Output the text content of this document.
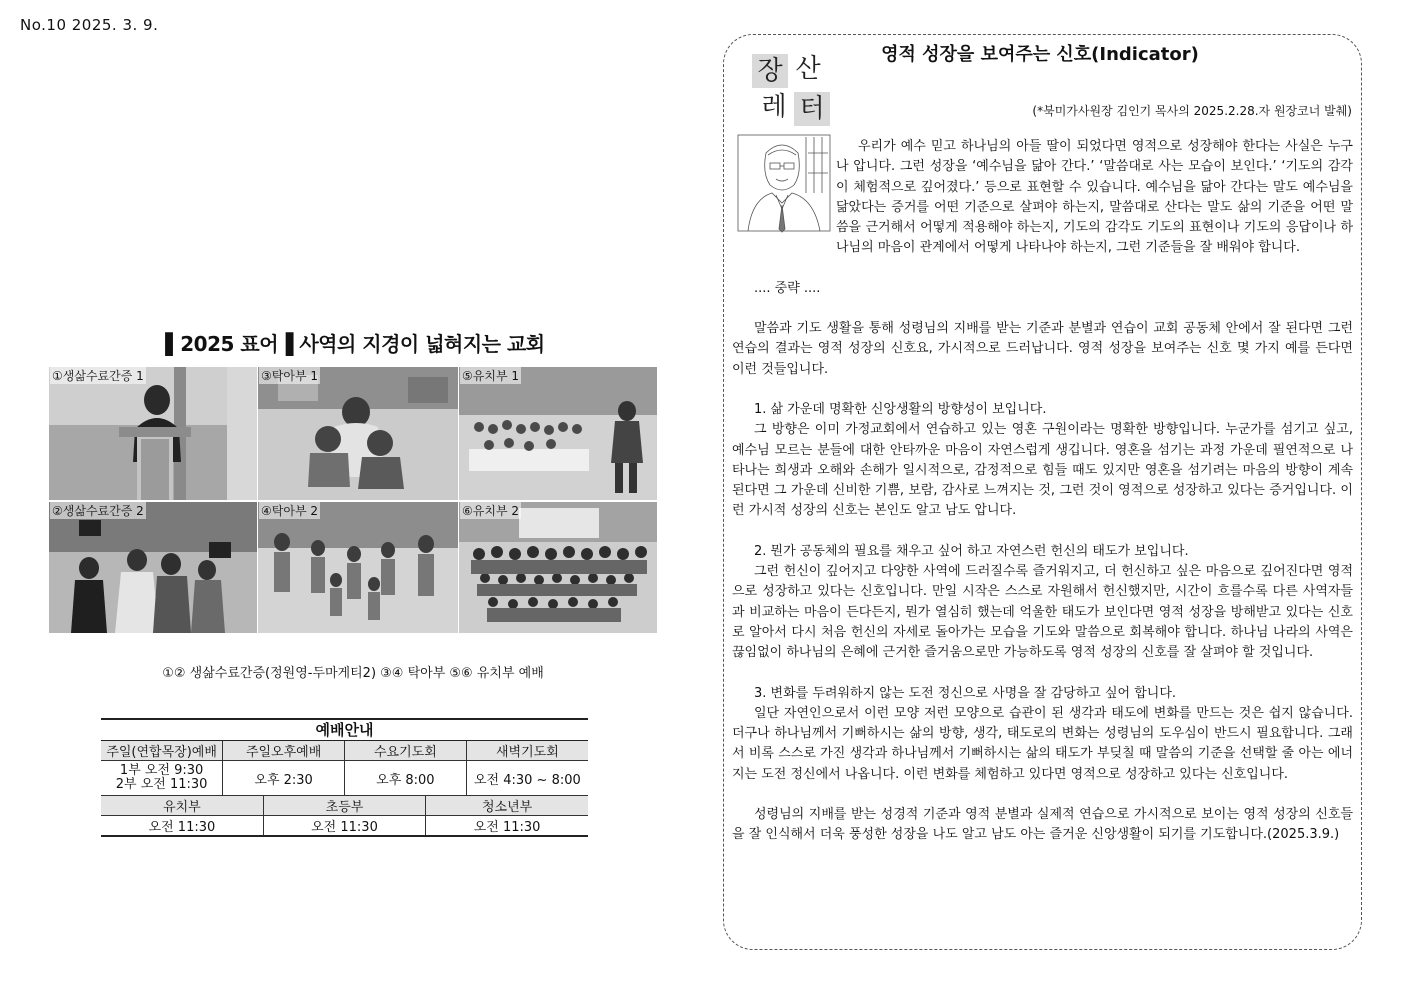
No.10 2025. 3. 9.
▌2025 표어▐ 사역의 지경이 넓혀지는 교회
①생삶수료간증 1	③탁아부 1	⑤유치부 1
②생삶수료간증 2	④탁아부 2	⑥유치부 2
①② 생삶수료간증(정원영-두마게티2) ③④ 탁아부 ⑤⑥ 유치부 예배
예배안내
주일(연합목장)예배	주일오후예배	수요기도회	새벽기도회

1부 오전 9:30
2부 오전 11:30	오후 2:30	오후 8:00	오전 4:30 ~ 8:00
유치부	초등부	청소년부
오전 11:30	오전 11:30	오전 11:30
장 산
레 터
영적 성장을 보여주는 신호(Indicator)
(*북미가사원장 김인기 목사의 2025.2.28.자 원장코너 발췌)

우리가 예수 믿고 하나님의 아들 딸이 되었다면 영적으로 성장해야 한다는 사실은 누구나 압니다. 그런 성장을 ‘예수님을 닮아 간다.’ ‘말씀대로 사는 모습이 보인다.’ ‘기도의 감각이 체험적으로 깊어졌다.’ 등으로 표현할 수 있습니다. 예수님을 닮아 간다는 말도 예수님을 닮았다는 증거를 어떤 기준으로 살펴야 하는지, 말씀대로 산다는 말도 삶의 기준을 어떤 말씀을 근거해서 어떻게 적용해야 하는지, 기도의 감각도 기도의 표현이나 기도의 응답이나 하나님의 마음이 관계에서 어떻게 나타나야 하는지, 그런 기준들을 잘 배워야 합니다.

.... 중략 ....

말씀과 기도 생활을 통해 성령님의 지배를 받는 기준과 분별과 연습이 교회 공동체 안에서 잘 된다면 그런 연습의 결과는 영적 성장의 신호요, 가시적으로 드러납니다. 영적 성장을 보여주는 신호 몇 가지 예를 든다면 이런 것들입니다.

1. 삶 가운데 명확한 신앙생활의 방향성이 보입니다.

그 방향은 이미 가정교회에서 연습하고 있는 영혼 구원이라는 명확한 방향입니다. 누군가를 섬기고 싶고, 예수님 모르는 분들에 대한 안타까운 마음이 자연스럽게 생깁니다. 영혼을 섬기는 과정 가운데 필연적으로 나타나는 희생과 오해와 손해가 일시적으로, 감정적으로 힘들 때도 있지만 영혼을 섬기려는 마음의 방향이 계속된다면 그 가운데 신비한 기쁨, 보람, 감사로 느껴지는 것, 그런 것이 영적으로 성장하고 있다는 증거입니다. 이런 가시적 성장의 신호는 본인도 알고 남도 압니다.

2. 뭔가 공동체의 필요를 채우고 싶어 하고 자연스런 헌신의 태도가 보입니다.

그런 헌신이 깊어지고 다양한 사역에 드러질수록 즐거워지고, 더 헌신하고 싶은 마음으로 깊어진다면 영적으로 성장하고 있다는 신호입니다. 만일 시작은 스스로 자원해서 헌신했지만, 시간이 흐를수록 다른 사역자들과 비교하는 마음이 든다든지, 뭔가 열심히 했는데 억울한 태도가 보인다면 영적 성장을 방해받고 있다는 신호로 알아서 다시 처음 헌신의 자세로 돌아가는 모습을 기도와 말씀으로 회복해야 합니다. 하나님 나라의 사역은 끊임없이 하나님의 은혜에 근거한 즐거움으로만 가능하도록 영적 성장의 신호를 잘 살펴야 할 것입니다.

3. 변화를 두려워하지 않는 도전 정신으로 사명을 잘 감당하고 싶어 합니다.

일단 자연인으로서 이런 모양 저런 모양으로 습관이 된 생각과 태도에 변화를 만드는 것은 쉽지 않습니다. 더구나 하나님께서 기뻐하시는 삶의 방향, 생각, 태도로의 변화는 성령님의 도우심이 반드시 필요합니다. 그래서 비록 스스로 가진 생각과 하나님께서 기뻐하시는 삶의 태도가 부딪칠 때 말씀의 기준을 선택할 줄 아는 에너지는 도전 정신에서 나옵니다. 이런 변화를 체험하고 있다면 영적으로 성장하고 있다는 신호입니다.

성령님의 지배를 받는 성경적 기준과 영적 분별과 실제적 연습으로 가시적으로 보이는 영적 성장의 신호들을 잘 인식해서 더욱 풍성한 성장을 나도 알고 남도 아는 즐거운 신앙생활이 되기를 기도합니다.(2025.3.9.)
